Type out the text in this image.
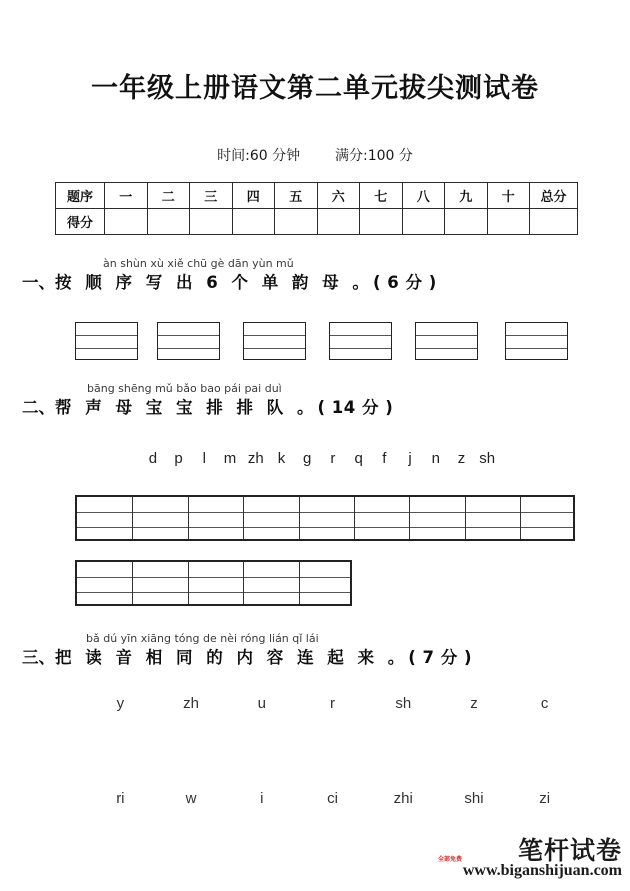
一年级上册语文第二单元拔尖测试卷
时间:60 分钟 满分:100 分
题序	一	二	三	四	五	六	七	八	九	十	总分
得分											
àn shùn xù xiě chū gè dān yùn mǔ
一、按 顺 序 写 出 6 个 单 韵 母 。( 6 分 )
bāng shēng mǔ bǎo bao pái pai duì
二、帮 声 母 宝 宝 排 排 队 。( 14 分 )
d	p	l	m zh k	g	r	q	f	j	n	z sh
bǎ dú yīn xiāng tóng de nèi róng lián qǐ lái
三、把 读 音 相 同 的 内 容 连 起 来 。( 7 分 )
y	zh	u	r	sh	z	c
ri	w	i	ci	zhi	shi	zi
笔杆试卷
全部免费
www.biganshijuan.com
